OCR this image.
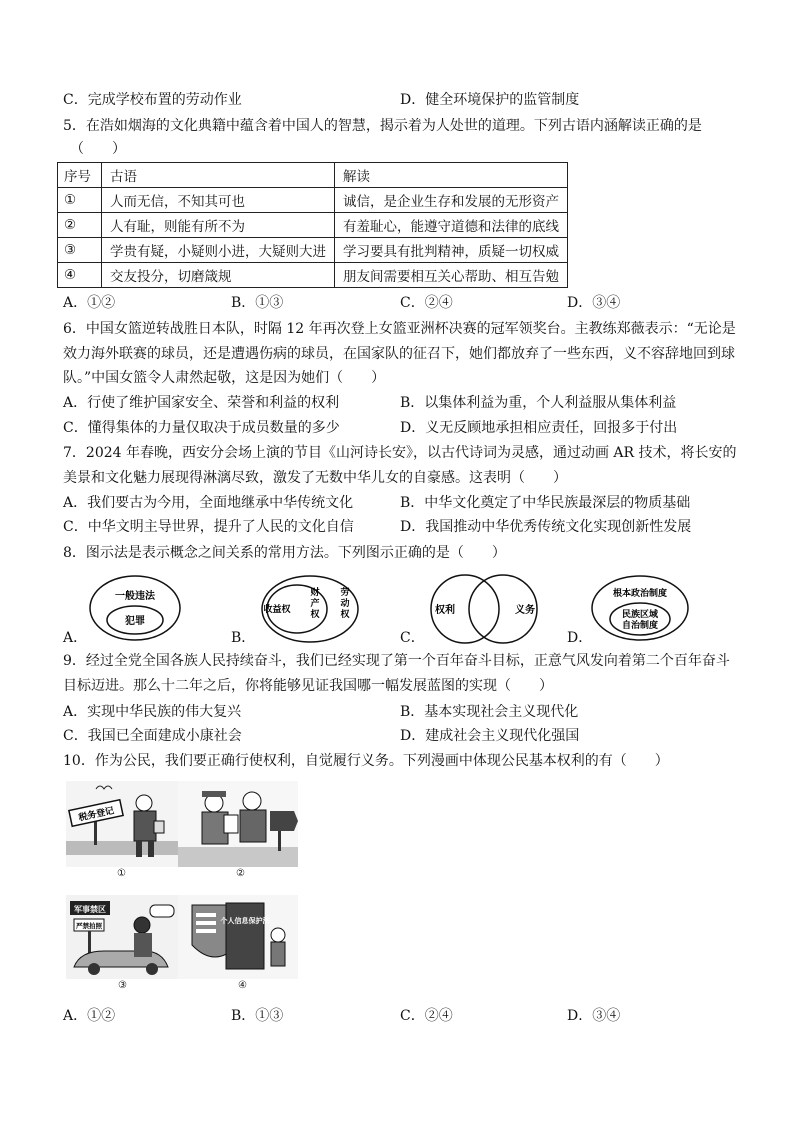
C．完成学校布置的劳动作业	D．健全环境保护的监管制度
5．在浩如烟海的文化典籍中蕴含着中国人的智慧，揭示着为人处世的道理。下列古语内涵解读正确的是
（　　）
序号	古语	解读
①	人而无信，不知其可也	诚信，是企业生存和发展的无形资产
②	人有耻，则能有所不为	有羞耻心，能遵守道德和法律的底线
③	学贵有疑，小疑则小进，大疑则大进	学习要具有批判精神，质疑一切权威
④	交友投分，切磨箴规	朋友间需要相互关心帮助、相互告勉
A．①②	B．①③	C．②④	D．③④
6．中国女篮逆转战胜日本队，时隔 12 年再次登上女篮亚洲杯决赛的冠军领奖台。主教练郑薇表示：“无论是
效力海外联赛的球员，还是遭遇伤病的球员，在国家队的征召下，她们都放弃了一些东西，义不容辞地回到球
队。”中国女篮令人肃然起敬，这是因为她们（　　）
A．行使了维护国家安全、荣誉和利益的权利	B．以集体利益为重，个人利益服从集体利益
C．懂得集体的力量仅取决于成员数量的多少	D．义无反顾地承担相应责任，回报多于付出
7．2024 年春晚，西安分会场上演的节目《山河诗长安》，以古代诗词为灵感，通过动画 AR 技术，将长安的
美景和文化魅力展现得淋漓尽致，激发了无数中华儿女的自豪感。这表明（　　）
A．我们要古为今用，全面地继承中华传统文化	B．中华文化奠定了中华民族最深层的物质基础
C．中华文明主导世界，提升了人民的文化自信	D．我国推动中华优秀传统文化实现创新性发展
8．图示法是表示概念之间关系的常用方法。下列图示正确的是（　　）
A．
一般违法
犯罪
B．
收益权
财产权
劳动权
C．
权利	义务
D．
根本政治制度
民族区域
自治制度
9．经过全党全国各族人民持续奋斗，我们已经实现了第一个百年奋斗目标，正意气风发向着第二个百年奋斗
目标迈进。那么十二年之后，你将能够见证我国哪一幅发展蓝图的实现（　　）
A．实现中华民族的伟大复兴	B．基本实现社会主义现代化
C．我国已全面建成小康社会	D．建成社会主义现代化强国
10．作为公民，我们要正确行使权利，自觉履行义务。下列漫画中体现公民基本权利的有（　　）
税务登记
①	②
军事禁区
严禁拍照
③
个人信息保护法
④
A．①②	B．①③	C．②④	D．③④
